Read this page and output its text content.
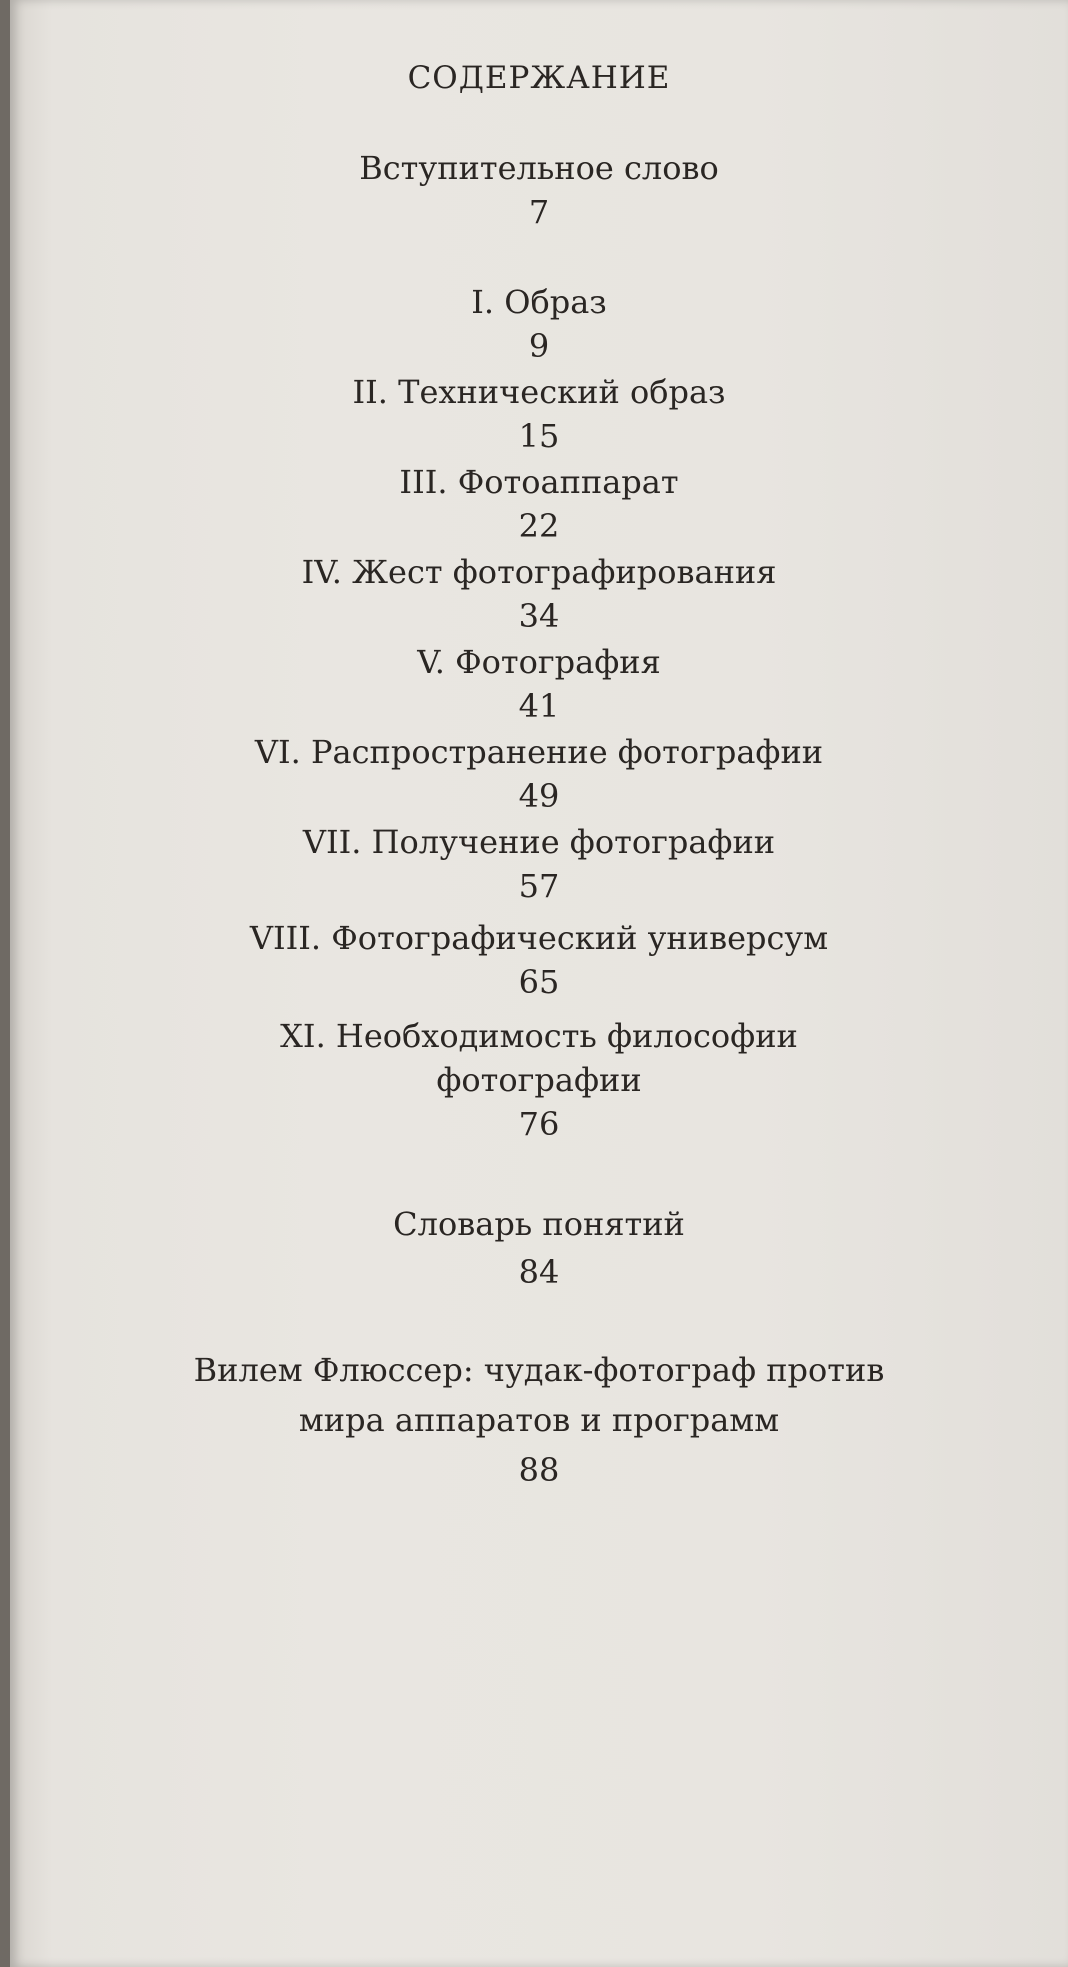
СОДЕРЖАНИЕ
Вступительное слово
7
I. Образ
9
II. Технический образ
15
III. Фотоаппарат
22
IV. Жест фотографирования
34
V. Фотография
41
VI. Распространение фотографии
49
VII. Получение фотографии
57
VIII. Фотографический универсум
65
XI. Необходимость философии
фотографии
76
Словарь понятий
84
Вилем Флюссер: чудак-фотограф против
мира аппаратов и программ
88
